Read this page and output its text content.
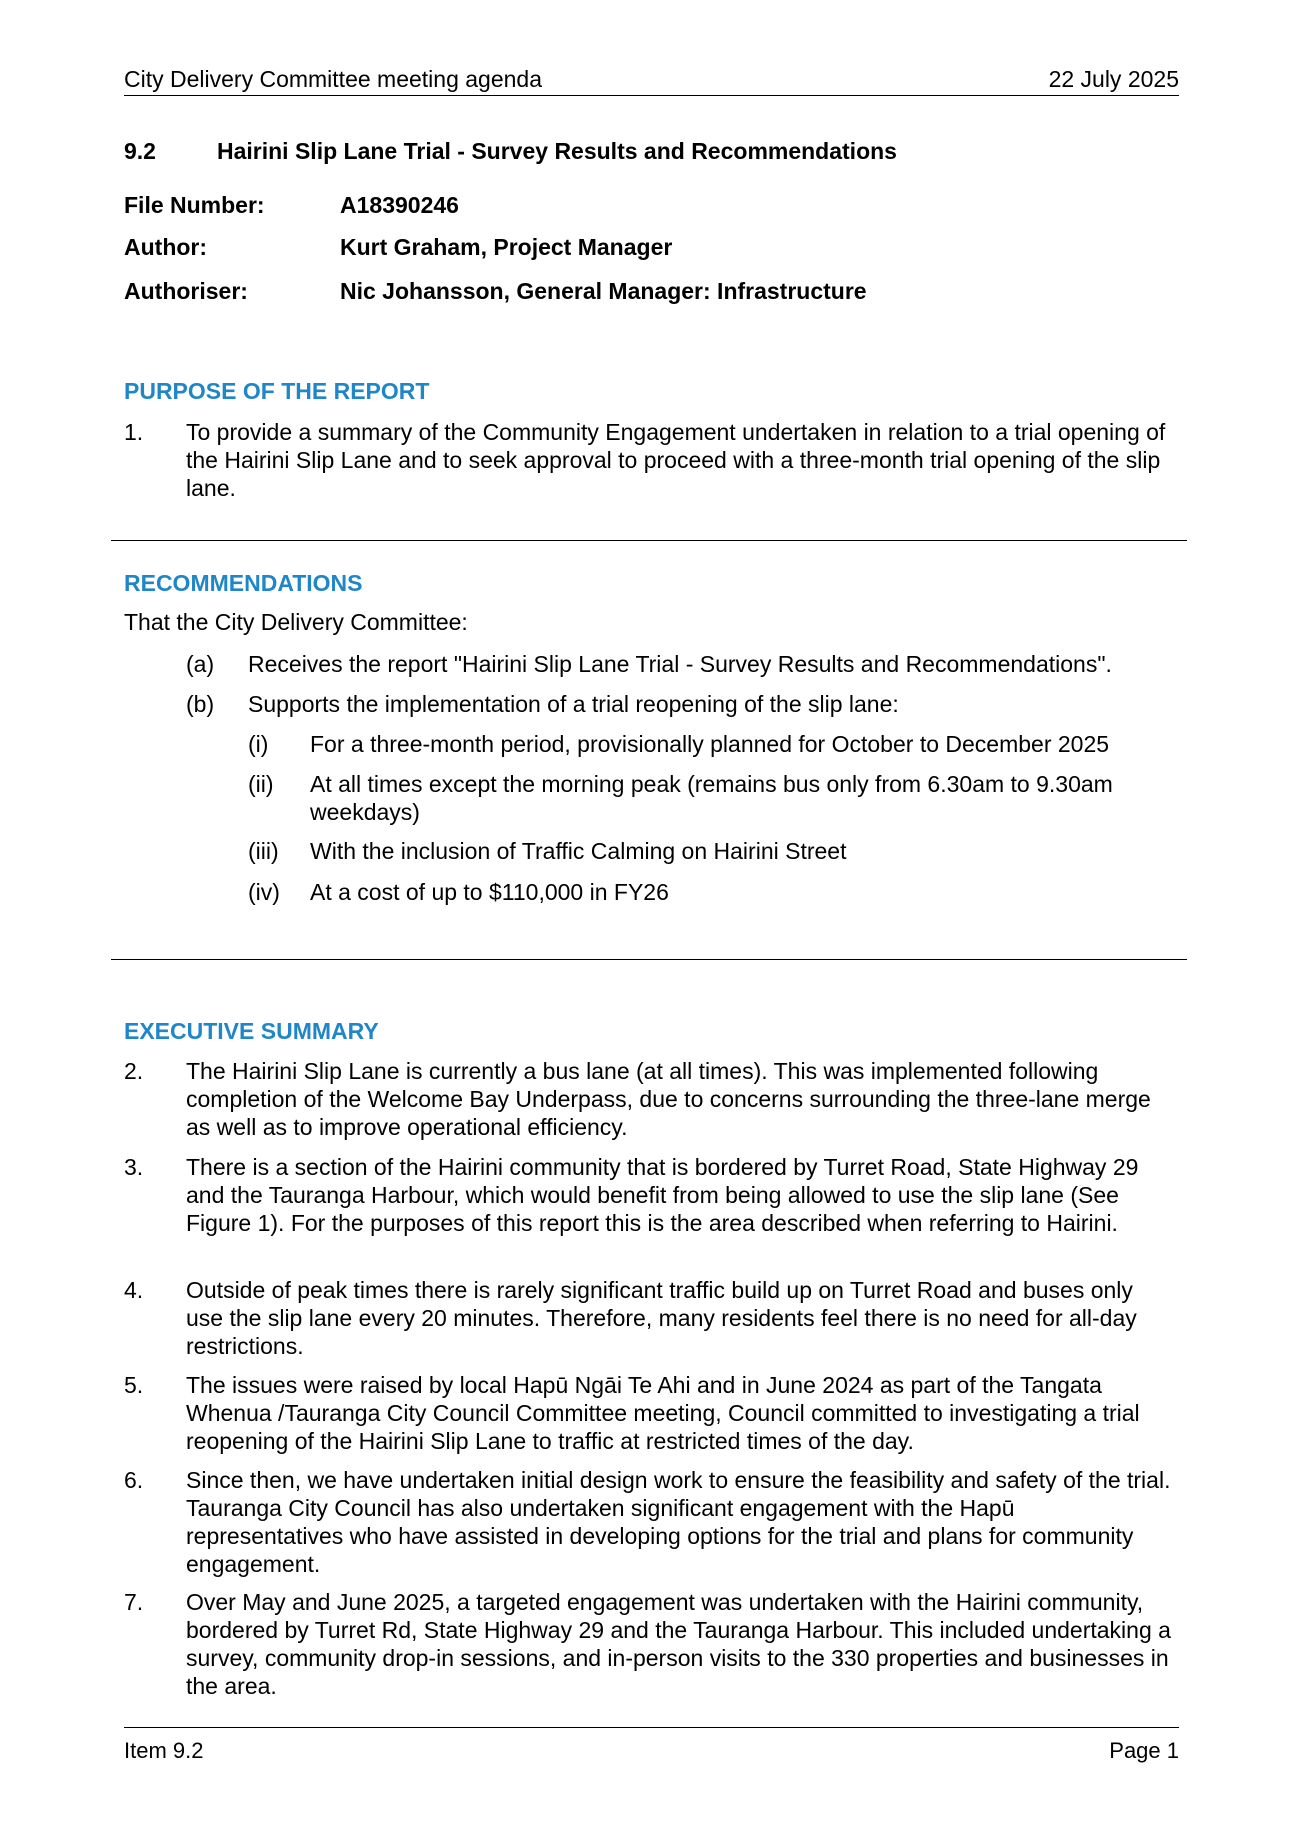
City Delivery Committee meeting agenda	22 July 2025
9.2	Hairini Slip Lane Trial - Survey Results and Recommendations
File Number:	A18390246
Author:	Kurt Graham, Project Manager
Authoriser:	Nic Johansson, General Manager: Infrastructure
PURPOSE OF THE REPORT
1. To provide a summary of the Community Engagement undertaken in relation to a trial opening of the Hairini Slip Lane and to seek approval to proceed with a three-month trial opening of the slip lane.
RECOMMENDATIONS
That the City Delivery Committee:
(a) Receives the report "Hairini Slip Lane Trial - Survey Results and Recommendations".
(b) Supports the implementation of a trial reopening of the slip lane:
(i) For a three-month period, provisionally planned for October to December 2025
(ii) At all times except the morning peak (remains bus only from 6.30am to 9.30am weekdays)
(iii) With the inclusion of Traffic Calming on Hairini Street
(iv) At a cost of up to $110,000 in FY26
EXECUTIVE SUMMARY
2. The Hairini Slip Lane is currently a bus lane (at all times). This was implemented following completion of the Welcome Bay Underpass, due to concerns surrounding the three-lane merge as well as to improve operational efficiency.
3. There is a section of the Hairini community that is bordered by Turret Road, State Highway 29 and the Tauranga Harbour, which would benefit from being allowed to use the slip lane (See Figure 1). For the purposes of this report this is the area described when referring to Hairini.
4. Outside of peak times there is rarely significant traffic build up on Turret Road and buses only use the slip lane every 20 minutes. Therefore, many residents feel there is no need for all-day restrictions.
5. The issues were raised by local Hapū Ngāi Te Ahi and in June 2024 as part of the Tangata Whenua /Tauranga City Council Committee meeting, Council committed to investigating a trial reopening of the Hairini Slip Lane to traffic at restricted times of the day.
6. Since then, we have undertaken initial design work to ensure the feasibility and safety of the trial. Tauranga City Council has also undertaken significant engagement with the Hapū representatives who have assisted in developing options for the trial and plans for community engagement.
7. Over May and June 2025, a targeted engagement was undertaken with the Hairini community, bordered by Turret Rd, State Highway 29 and the Tauranga Harbour. This included undertaking a survey, community drop-in sessions, and in-person visits to the 330 properties and businesses in the area.
Item 9.2	Page 1
